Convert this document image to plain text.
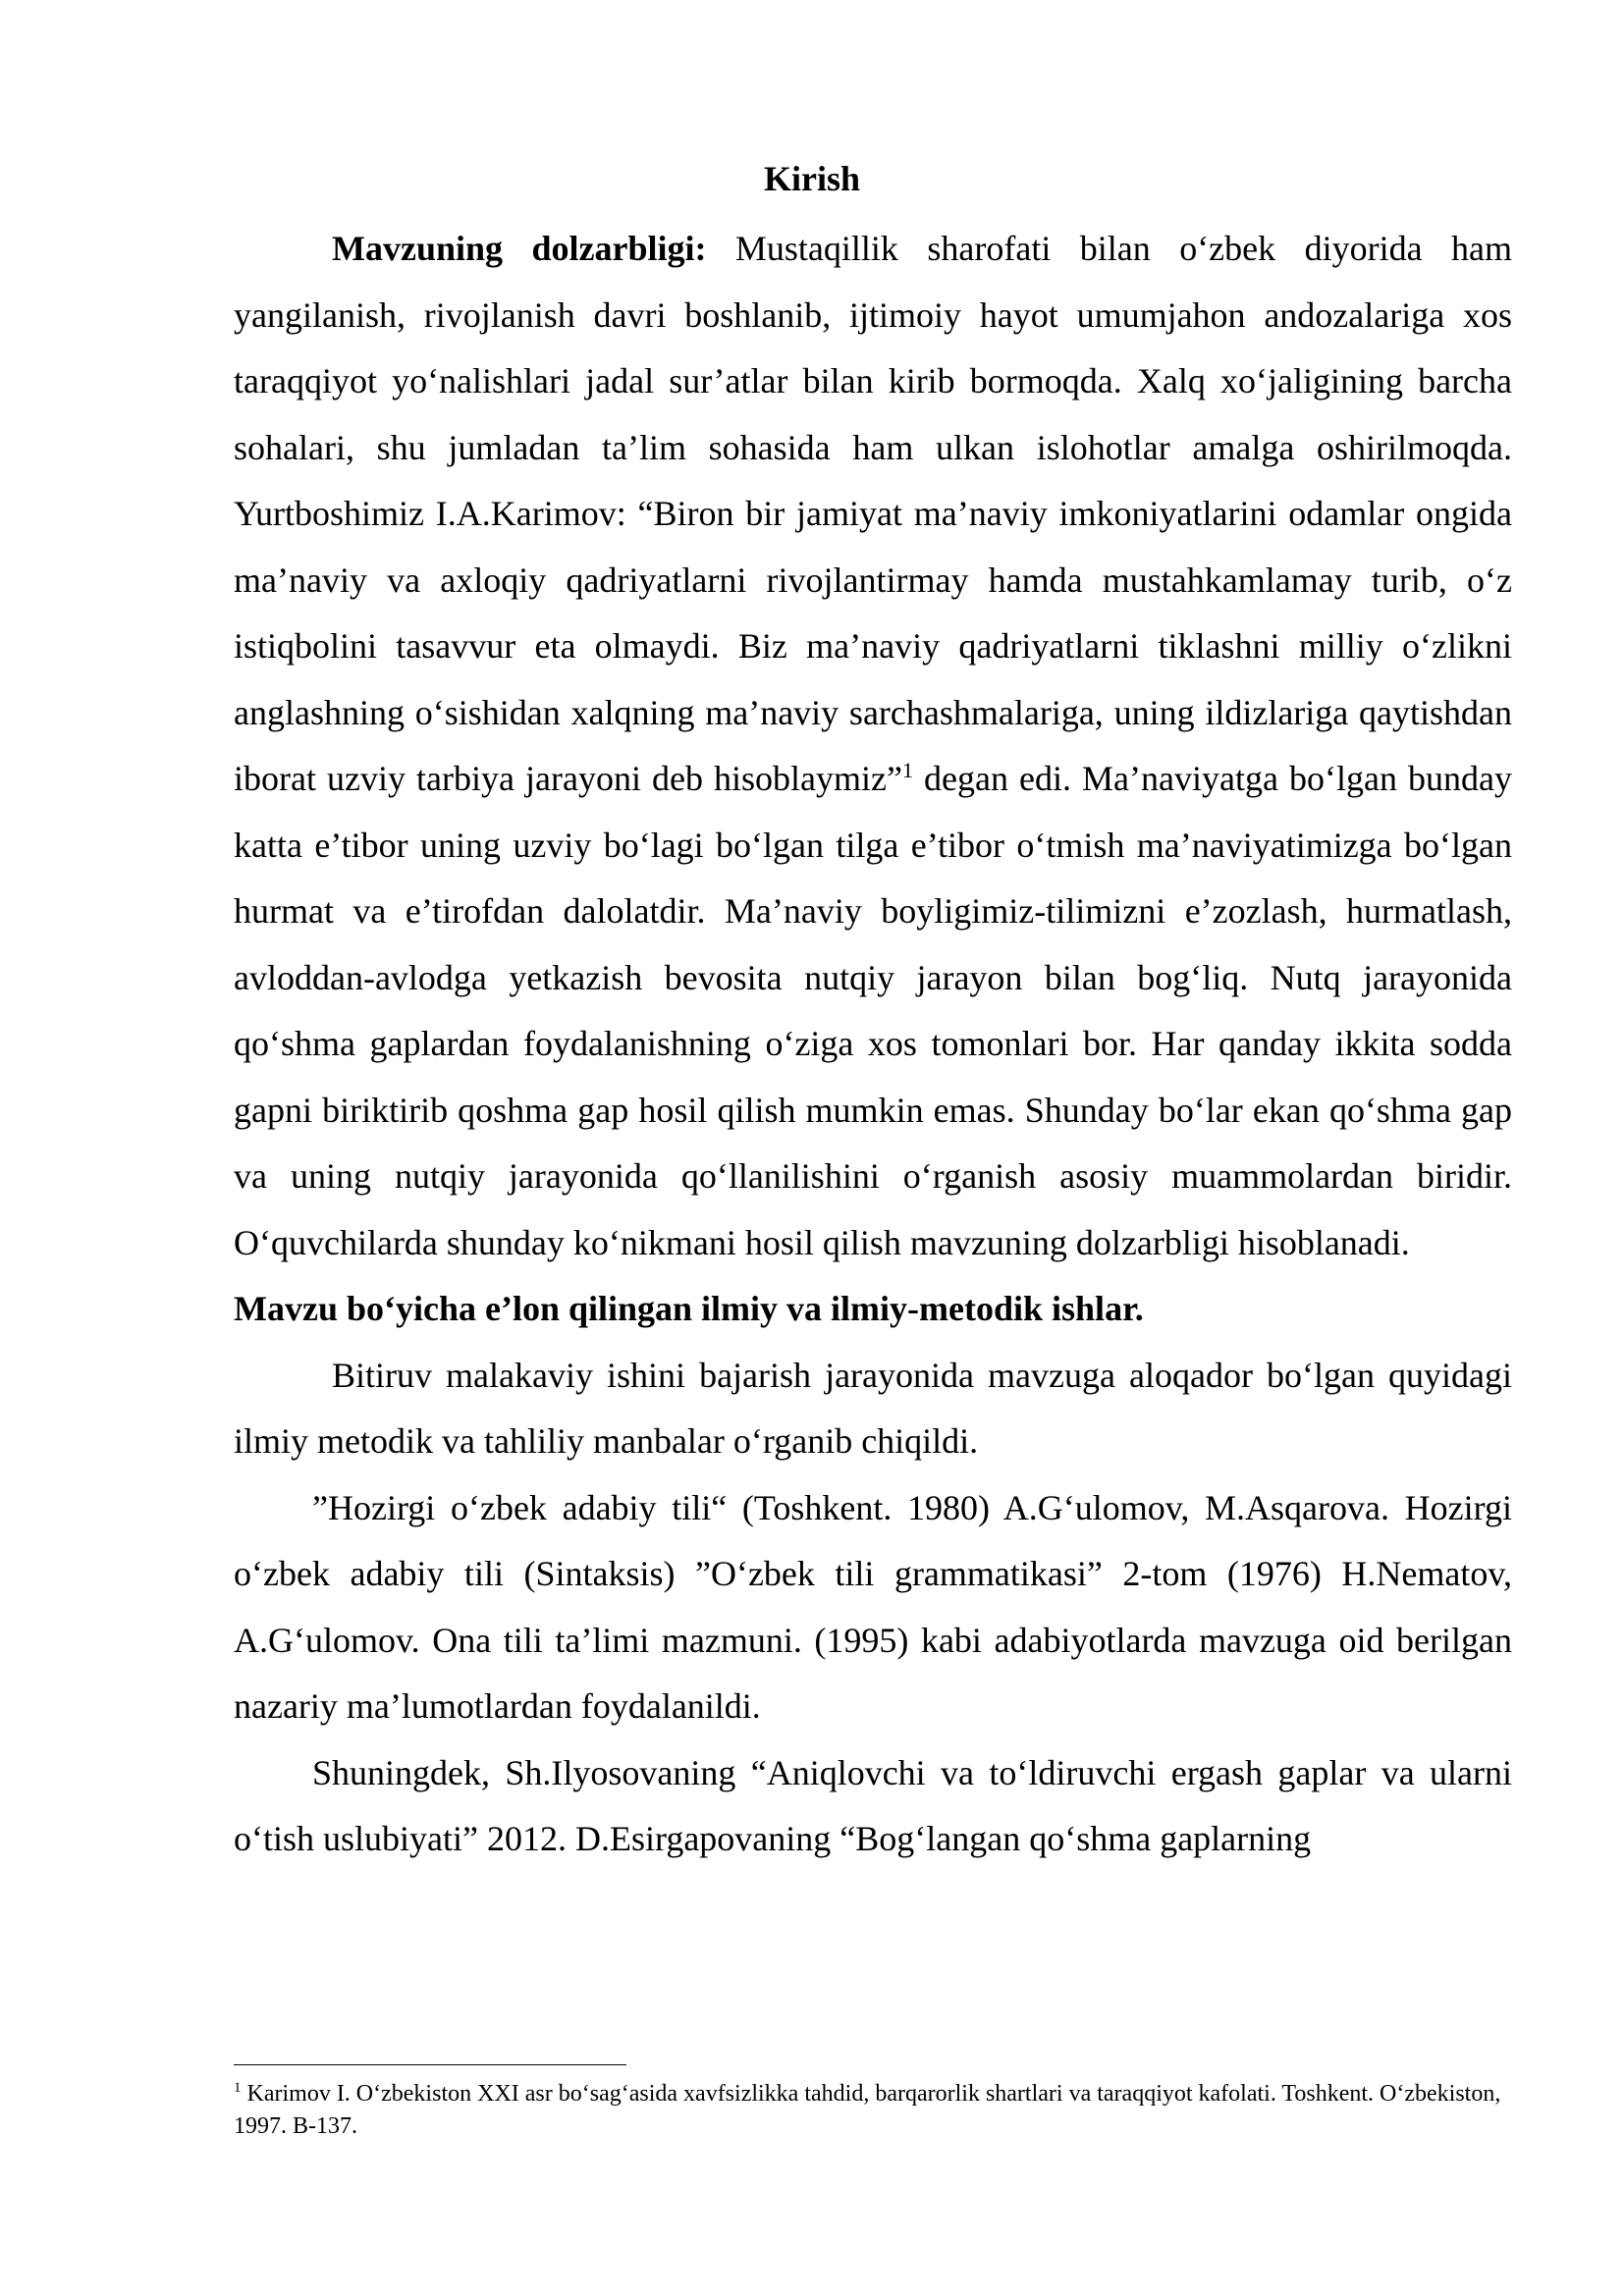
Kirish

Mavzuning dolzarbligi: Mustaqillik sharofati bilan o‘zbek diyorida ham yangilanish, rivojlanish davri boshlanib, ijtimoiy hayot umumjahon andozalariga xos taraqqiyot yo‘nalishlari jadal sur’atlar bilan kirib bormoqda. Xalq xo‘jaligining barcha sohalari, shu jumladan ta’lim sohasida ham ulkan islohotlar amalga oshirilmoqda. Yurtboshimiz I.A.Karimov: “Biron bir jamiyat ma’naviy imkoniyatlarini odamlar ongida ma’naviy va axloqiy qadriyatlarni rivojlantirmay hamda mustahkamlamay turib, o‘z istiqbolini tasavvur eta olmaydi. Biz ma’naviy qadriyatlarni tiklashni milliy o‘zlikni anglashning o‘sishidan xalqning ma’naviy sarchashmalariga, uning ildizlariga qaytishdan iborat uzviy tarbiya jarayoni deb hisoblaymiz”$^1$ degan edi. Ma’naviyatga bo‘lgan bunday katta e’tibor uning uzviy bo‘lagi bo‘lgan tilga e’tibor o‘tmish ma’naviyatimizga bo‘lgan hurmat va e’tirofdan dalolatdir. Ma’naviy boyligimiz-tilimizni e’zozlash, hurmatlash, avloddan-avlodga yetkazish bevosita nutqiy jarayon bilan bog‘liq. Nutq jarayonida qo‘shma gaplardan foydalanishning o‘ziga xos tomonlari bor. Har qanday ikkita sodda gapni biriktirib qoshma gap hosil qilish mumkin emas. Shunday bo‘lar ekan qo‘shma gap va uning nutqiy jarayonida qo‘llanilishini o‘rganish asosiy muammolardan biridir. O‘quvchilarda shunday ko‘nikmani hosil qilish mavzuning dolzarbligi hisoblanadi.

Mavzu bo‘yicha e’lon qilingan ilmiy va ilmiy-metodik ishlar.

Bitiruv malakaviy ishini bajarish jarayonida mavzuga aloqador bo‘lgan quyidagi ilmiy metodik va tahliliy manbalar o‘rganib chiqildi.

”Hozirgi o‘zbek adabiy tili“ (Toshkent. 1980) A.G‘ulomov, M.Asqarova. Hozirgi o‘zbek adabiy tili (Sintaksis) ”O‘zbek tili grammatikasi” 2-tom (1976) H.Nematov, A.G‘ulomov. Ona tili ta’limi mazmuni. (1995) kabi adabiyotlarda mavzuga oid berilgan nazariy ma’lumotlardan foydalanildi.

Shuningdek, Sh.Ilyosovaning “Aniqlovchi va to‘ldiruvchi ergash gaplar va ularni o‘tish uslubiyati” 2012. D.Esirgapovaning “Bog‘langan qo‘shma gaplarning

$^1$ Karimov I. O‘zbekiston XXI asr bo‘sag‘asida xavfsizlikka tahdid, barqarorlik shartlari va taraqqiyot kafolati. Toshkent. O‘zbekiston, 1997. B-137.
